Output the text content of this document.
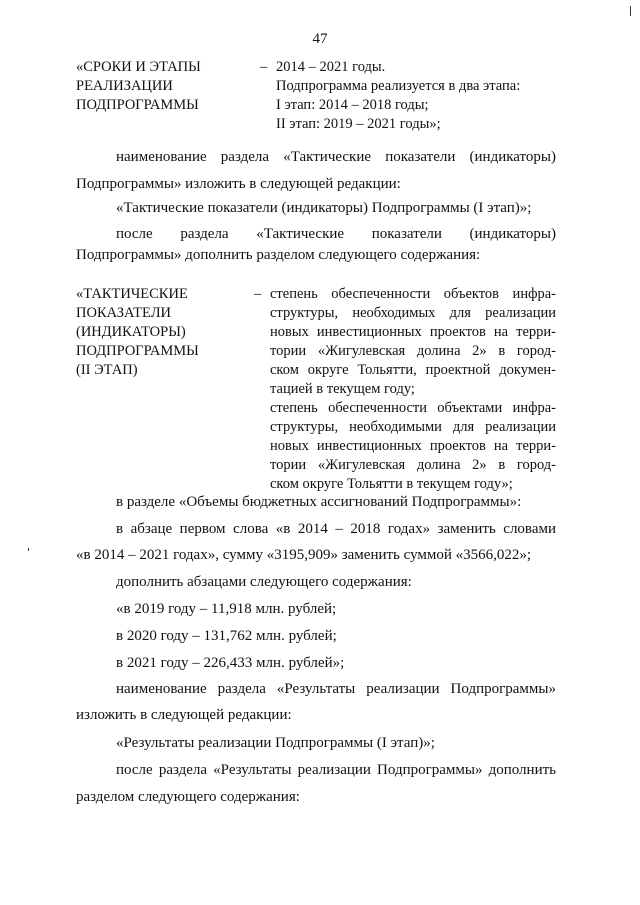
47
«СРОКИ И ЭТАПЫ
РЕАЛИЗАЦИИ
ПОДПРОГРАММЫ
– 2014 – 2021 годы.
Подпрограмма реализуется в два этапа:
I этап: 2014 – 2018 годы;
II этап: 2019 – 2021 годы»;
наименование раздела «Тактические показатели (индикаторы)
Подпрограммы» изложить в следующей редакции:
«Тактические показатели (индикаторы) Подпрограммы (I этап)»;
после раздела «Тактические показатели (индикаторы)
Подпрограммы» дополнить разделом следующего содержания:
«ТАКТИЧЕСКИЕ
ПОКАЗАТЕЛИ
(ИНДИКАТОРЫ)
ПОДПРОГРАММЫ
(II ЭТАП)
– степень обеспеченности объектов инфра-
структуры, необходимых для реализации
новых инвестиционных проектов на терри-
тории «Жигулевская долина 2» в город-
ском округе Тольятти, проектной докумен-
тацией в текущем году;
степень обеспеченности объектами инфра-
структуры, необходимыми для реализации
новых инвестиционных проектов на терри-
тории «Жигулевская долина 2» в город-
ском округе Тольятти в текущем году»;
в разделе «Объемы бюджетных ассигнований Подпрограммы»:
в абзаце первом слова «в 2014 – 2018 годах» заменить словами
«в 2014 – 2021 годах», сумму «3195,909» заменить суммой «3566,022»;
дополнить абзацами следующего содержания:
«в 2019 году – 11,918 млн. рублей;
в 2020 году – 131,762 млн. рублей;
в 2021 году – 226,433 млн. рублей»;
наименование раздела «Результаты реализации Подпрограммы»
изложить в следующей редакции:
«Результаты реализации Подпрограммы (I этап)»;
после раздела «Результаты реализации Подпрограммы» дополнить
разделом следующего содержания:
